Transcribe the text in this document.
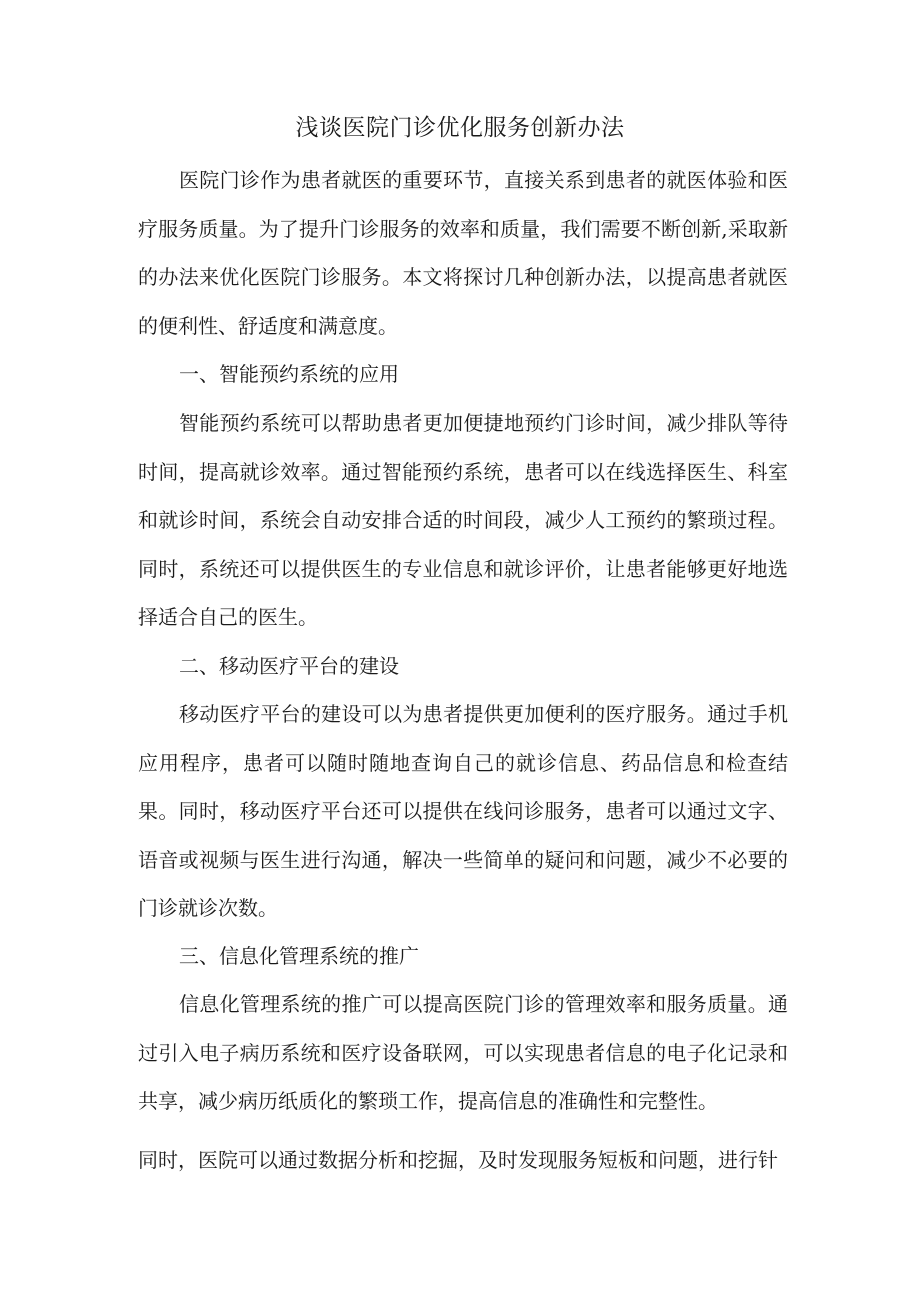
浅谈医院门诊优化服务创新办法

医院门诊作为患者就医的重要环节，直接关系到患者的就医体验和医疗服务质量。为了提升门诊服务的效率和质量，我们需要不断创新,采取新的办法来优化医院门诊服务。本文将探讨几种创新办法，以提高患者就医的便利性、舒适度和满意度。

一、智能预约系统的应用

智能预约系统可以帮助患者更加便捷地预约门诊时间，减少排队等待时间，提高就诊效率。通过智能预约系统，患者可以在线选择医生、科室和就诊时间，系统会自动安排合适的时间段，减少人工预约的繁琐过程。同时，系统还可以提供医生的专业信息和就诊评价，让患者能够更好地选择适合自己的医生。

二、移动医疗平台的建设

移动医疗平台的建设可以为患者提供更加便利的医疗服务。通过手机应用程序，患者可以随时随地查询自己的就诊信息、药品信息和检查结果。同时，移动医疗平台还可以提供在线问诊服务，患者可以通过文字、语音或视频与医生进行沟通，解决一些简单的疑问和问题，减少不必要的门诊就诊次数。

三、信息化管理系统的推广

信息化管理系统的推广可以提高医院门诊的管理效率和服务质量。通过引入电子病历系统和医疗设备联网，可以实现患者信息的电子化记录和共享，减少病历纸质化的繁琐工作，提高信息的准确性和完整性。

同时，医院可以通过数据分析和挖掘，及时发现服务短板和问题，进行针
